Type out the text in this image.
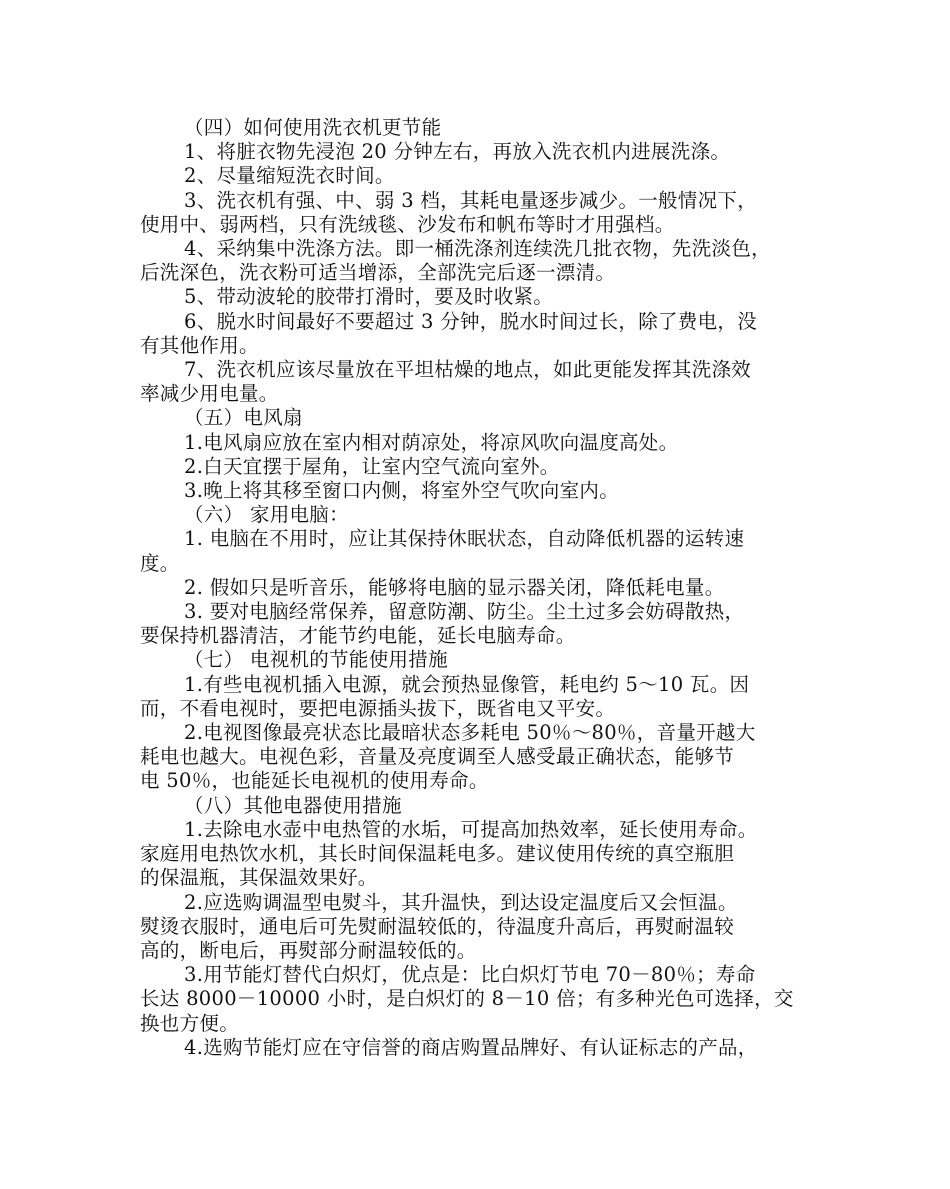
（四）如何使用洗衣机更节能
1、将脏衣物先浸泡 20 分钟左右，再放入洗衣机内进展洗涤。
2、尽量缩短洗衣时间。
3、洗衣机有强、中、弱 3 档，其耗电量逐步减少。一般情况下，
使用中、弱两档，只有洗绒毯、沙发布和帆布等时才用强档。
4、采纳集中洗涤方法。即一桶洗涤剂连续洗几批衣物，先洗淡色，
后洗深色，洗衣粉可适当增添，全部洗完后逐一漂清。
5、带动波轮的胶带打滑时，要及时收紧。
6、脱水时间最好不要超过 3 分钟，脱水时间过长，除了费电，没
有其他作用。
7、洗衣机应该尽量放在平坦枯燥的地点，如此更能发挥其洗涤效
率减少用电量。
（五）电风扇
1.电风扇应放在室内相对荫凉处，将凉风吹向温度高处。
2.白天宜摆于屋角，让室内空气流向室外。
3.晚上将其移至窗口内侧，将室外空气吹向室内。
（六） 家用电脑：
1. 电脑在不用时，应让其保持休眠状态，自动降低机器的运转速
度。
2. 假如只是听音乐，能够将电脑的显示器关闭，降低耗电量。
3. 要对电脑经常保养，留意防潮、防尘。尘土过多会妨碍散热，
要保持机器清洁，才能节约电能，延长电脑寿命。
（七） 电视机的节能使用措施
1.有些电视机插入电源，就会预热显像管，耗电约 5～10 瓦。因
而，不看电视时，要把电源插头拔下，既省电又平安。
2.电视图像最亮状态比最暗状态多耗电 50％～80％，音量开越大
耗电也越大。电视色彩，音量及亮度调至人感受最正确状态，能够节
电 50％，也能延长电视机的使用寿命。
（八）其他电器使用措施
1.去除电水壶中电热管的水垢，可提高加热效率，延长使用寿命。
家庭用电热饮水机，其长时间保温耗电多。建议使用传统的真空瓶胆
的保温瓶，其保温效果好。
2.应选购调温型电熨斗，其升温快，到达设定温度后又会恒温。
熨烫衣服时，通电后可先熨耐温较低的，待温度升高后，再熨耐温较
高的，断电后，再熨部分耐温较低的。
3.用节能灯替代白炽灯，优点是：比白炽灯节电 70－80％；寿命
长达 8000－10000 小时，是白炽灯的 8－10 倍；有多种光色可选择，交
换也方便。
4.选购节能灯应在守信誉的商店购置品牌好、有认证标志的产品，
